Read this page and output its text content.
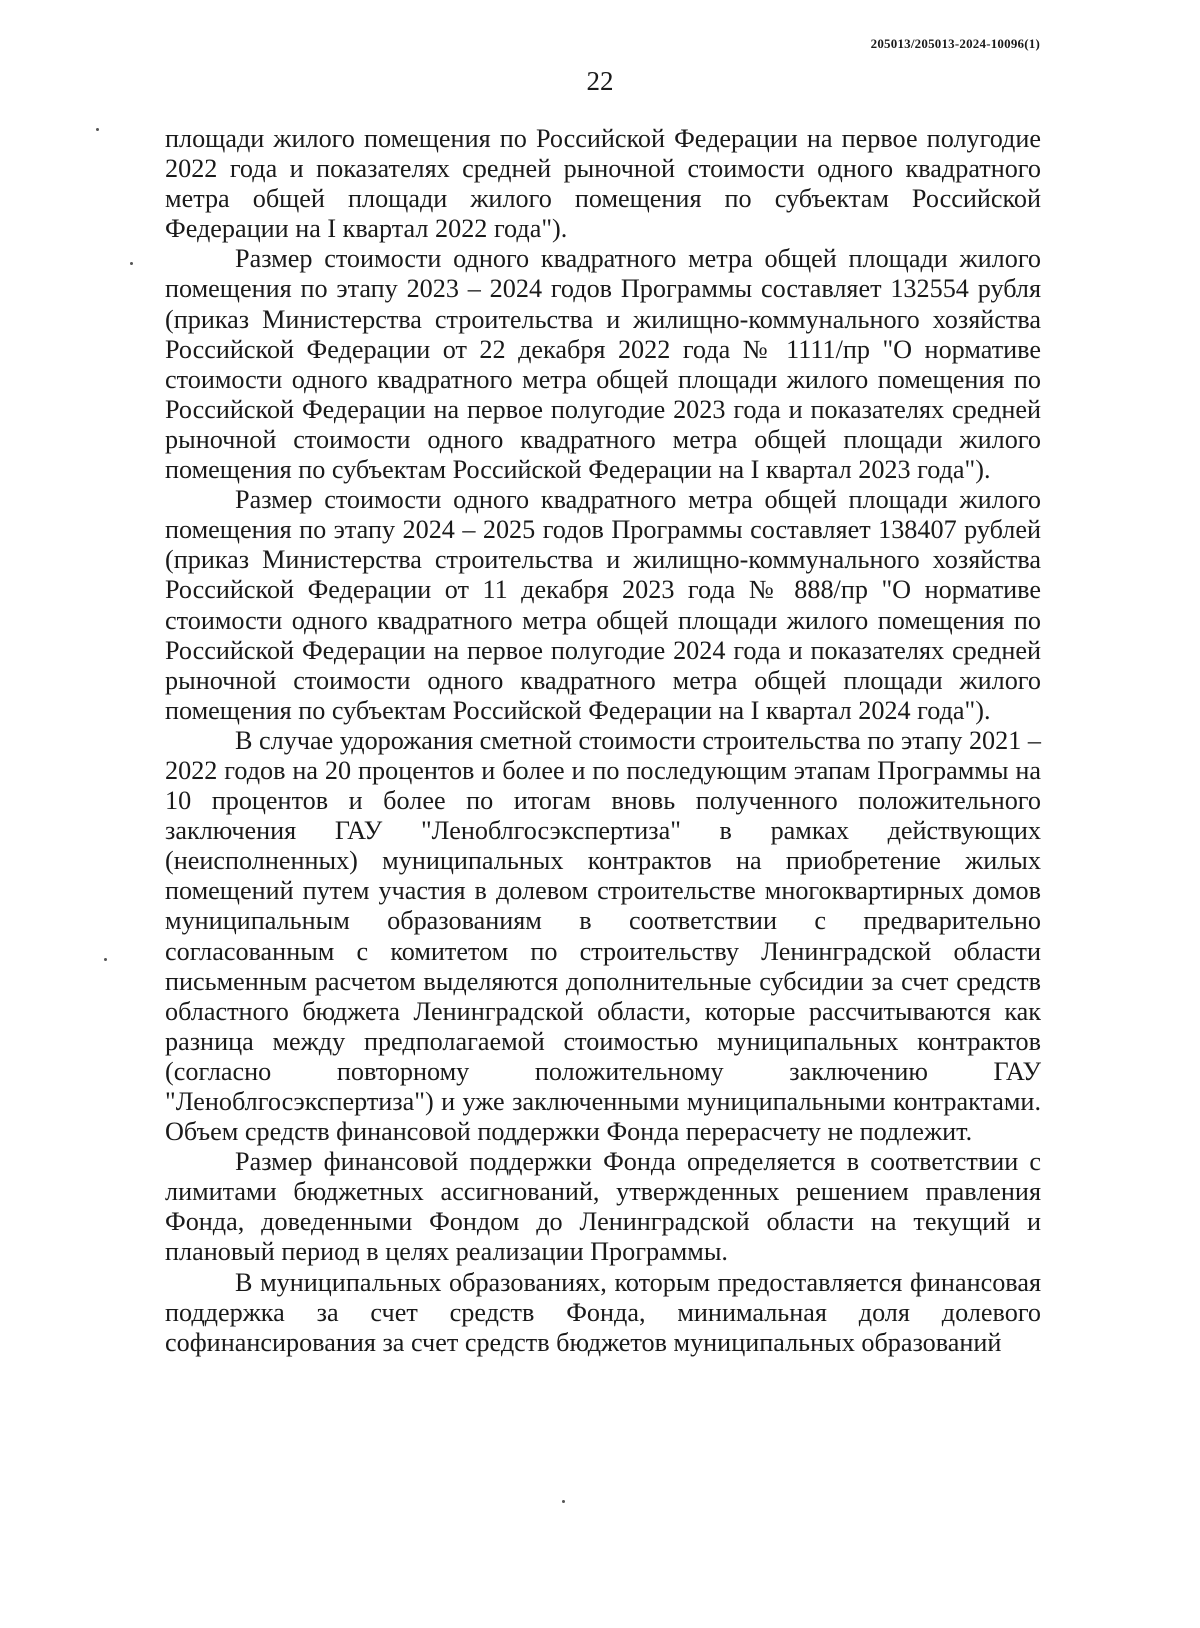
205013/205013-2024-10096(1)
22

площади жилого помещения по Российской Федерации на первое полугодие 2022 года и показателях средней рыночной стоимости одного квадратного метра общей площади жилого помещения по субъектам Российской Федерации на I квартал 2022 года").

Размер стоимости одного квадратного метра общей площади жилого помещения по этапу 2023 – 2024 годов Программы составляет 132554 рубля (приказ Министерства строительства и жилищно-коммунального хозяйства Российской Федерации от 22 декабря 2022 года № 1111/пр "О нормативе стоимости одного квадратного метра общей площади жилого помещения по Российской Федерации на первое полугодие 2023 года и показателях средней рыночной стоимости одного квадратного метра общей площади жилого помещения по субъектам Российской Федерации на I квартал 2023 года").

Размер стоимости одного квадратного метра общей площади жилого помещения по этапу 2024 – 2025 годов Программы составляет 138407 рублей (приказ Министерства строительства и жилищно-коммунального хозяйства Российской Федерации от 11 декабря 2023 года № 888/пр "О нормативе стоимости одного квадратного метра общей площади жилого помещения по Российской Федерации на первое полугодие 2024 года и показателях средней рыночной стоимости одного квадратного метра общей площади жилого помещения по субъектам Российской Федерации на I квартал 2024 года").

В случае удорожания сметной стоимости строительства по этапу 2021 – 2022 годов на 20 процентов и более и по последующим этапам Программы на 10 процентов и более по итогам вновь полученного положительного заключения ГАУ "Леноблгосэкспертиза" в рамках действующих (неисполненных) муниципальных контрактов на приобретение жилых помещений путем участия в долевом строительстве многоквартирных домов муниципальным образованиям в соответствии с предварительно согласованным с комитетом по строительству Ленинградской области письменным расчетом выделяются дополнительные субсидии за счет средств областного бюджета Ленинградской области, которые рассчитываются как разница между предполагаемой стоимостью муниципальных контрактов (согласно повторному положительному заключению ГАУ "Леноблгосэкспертиза") и уже заключенными муниципальными контрактами. Объем средств финансовой поддержки Фонда перерасчету не подлежит.

Размер финансовой поддержки Фонда определяется в соответствии с лимитами бюджетных ассигнований, утвержденных решением правления Фонда, доведенными Фондом до Ленинградской области на текущий и плановый период в целях реализации Программы.

В муниципальных образованиях, которым предоставляется финансовая поддержка за счет средств Фонда, минимальная доля долевого софинансирования за счет средств бюджетов муниципальных образований
